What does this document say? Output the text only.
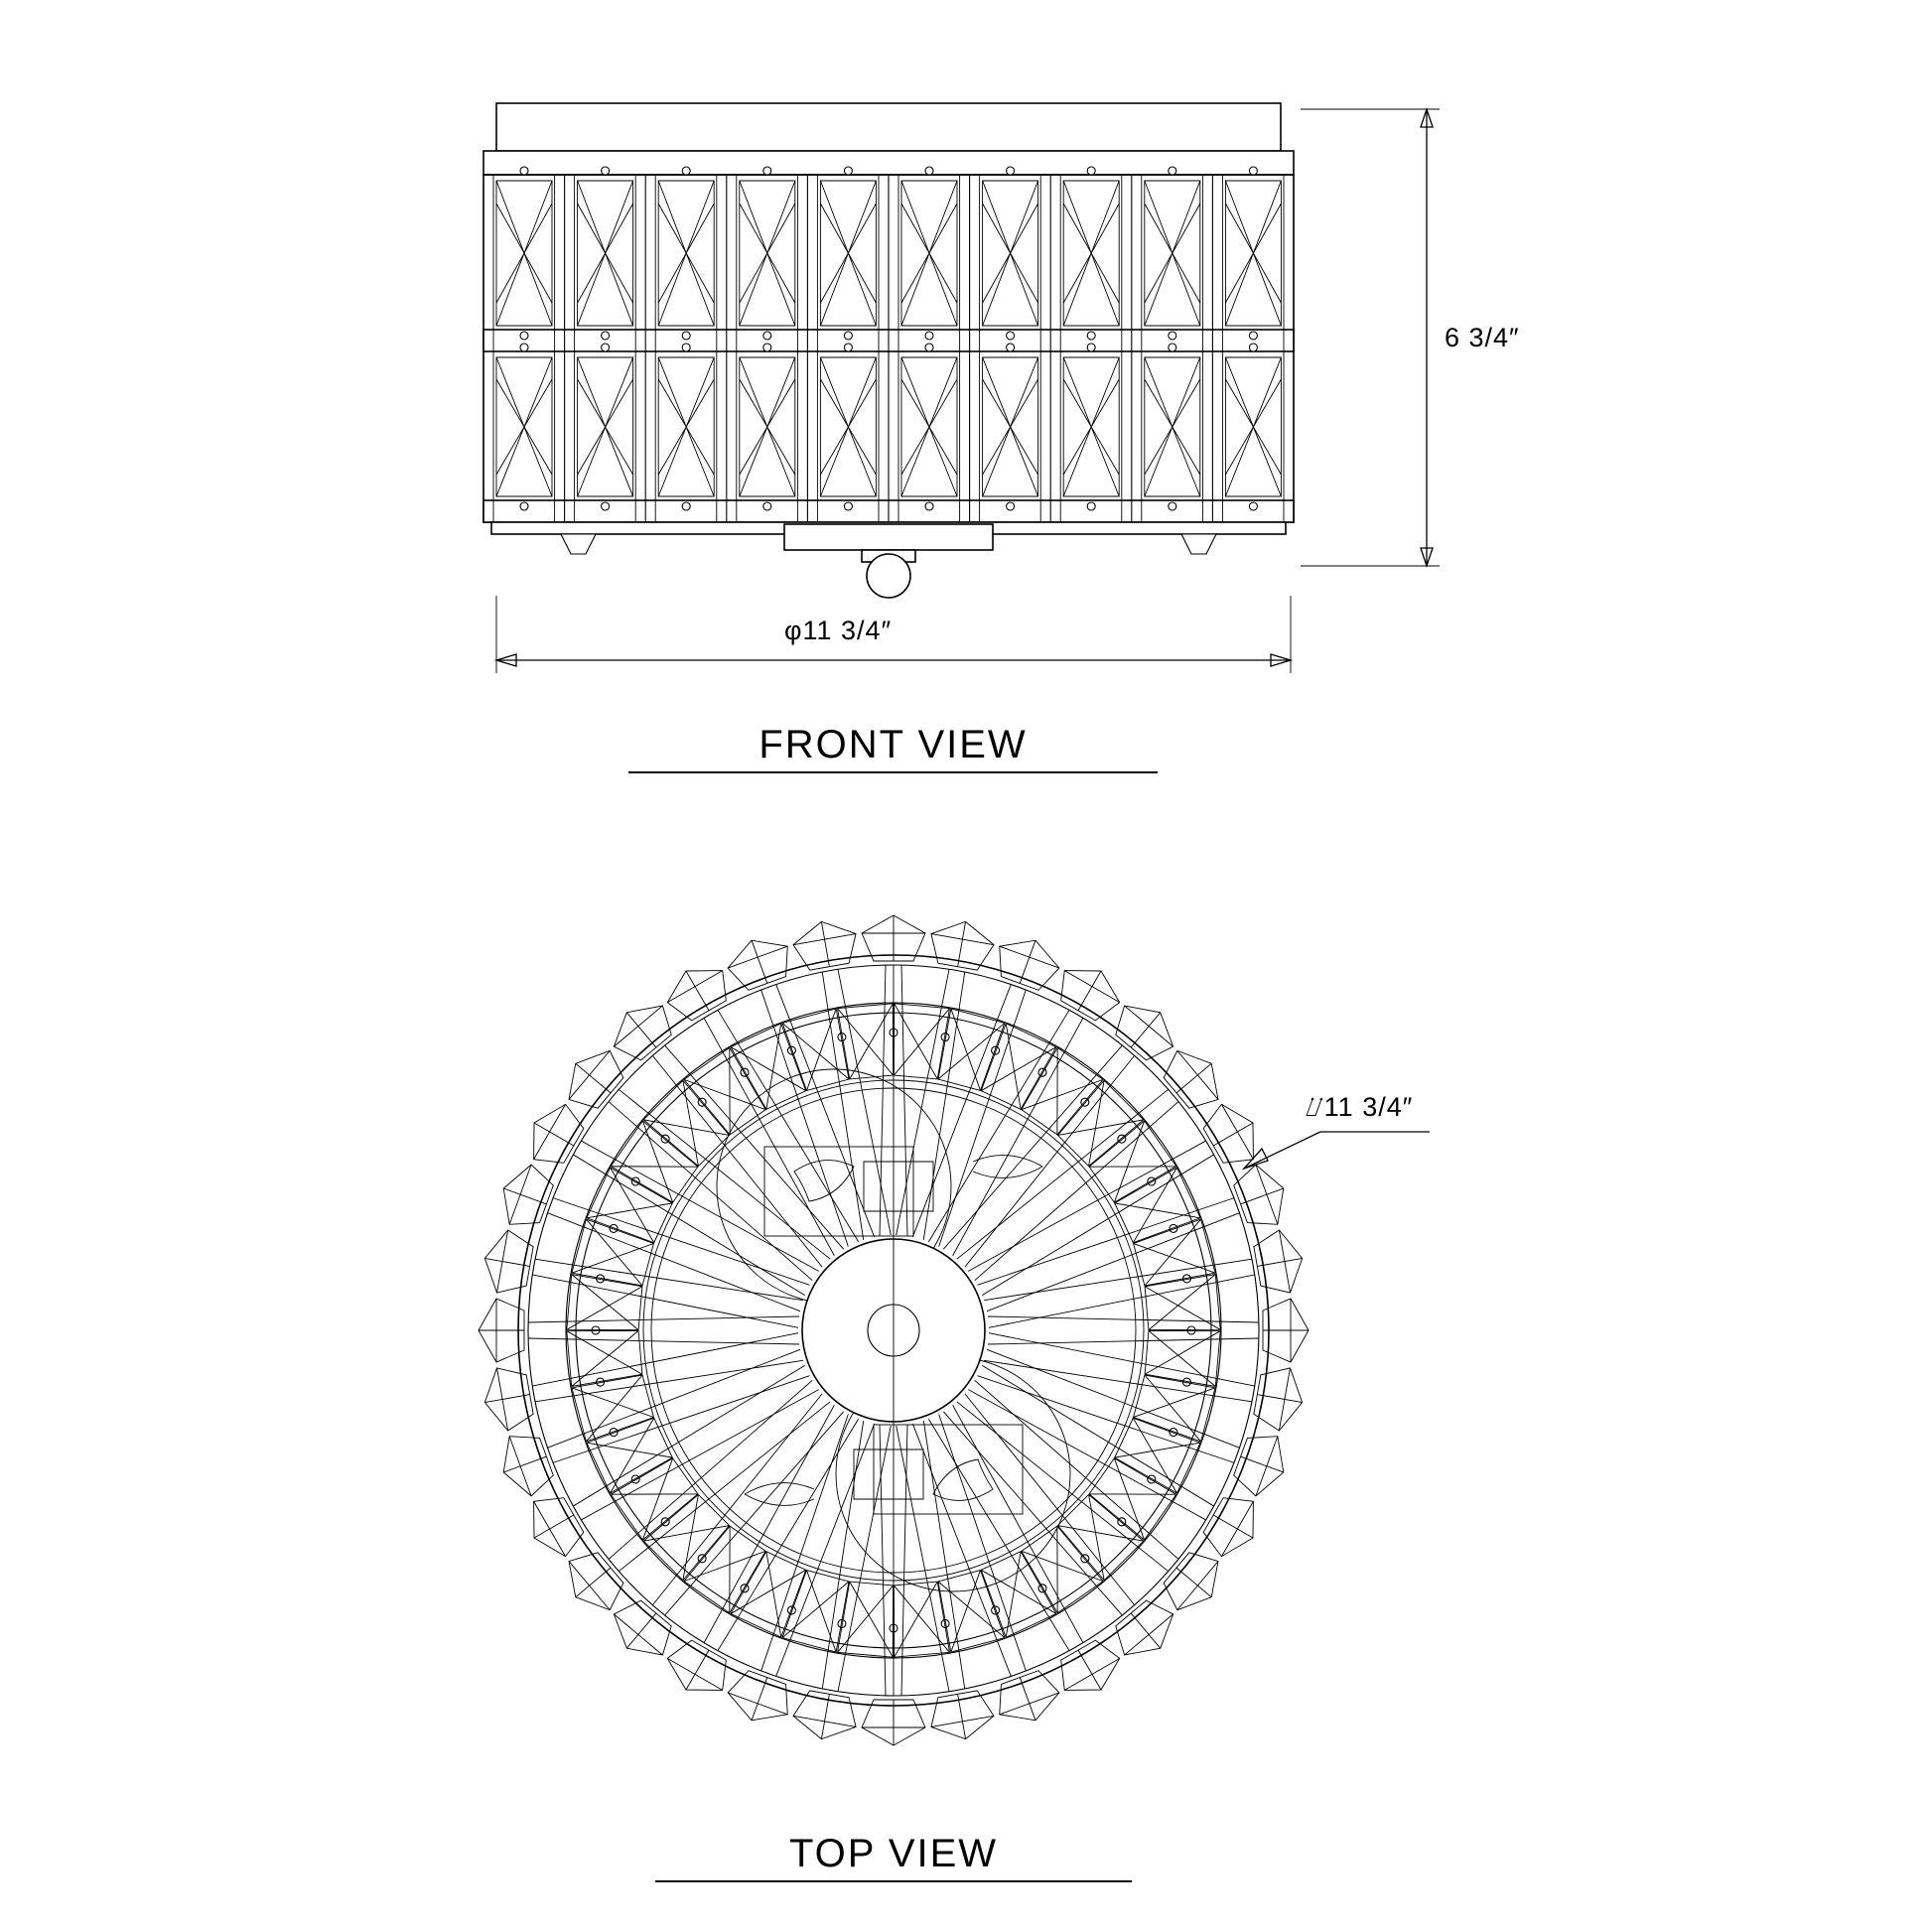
6 3/4″
φ11 3/4″
⌰11 3/4″
FRONT VIEW
TOP VIEW
